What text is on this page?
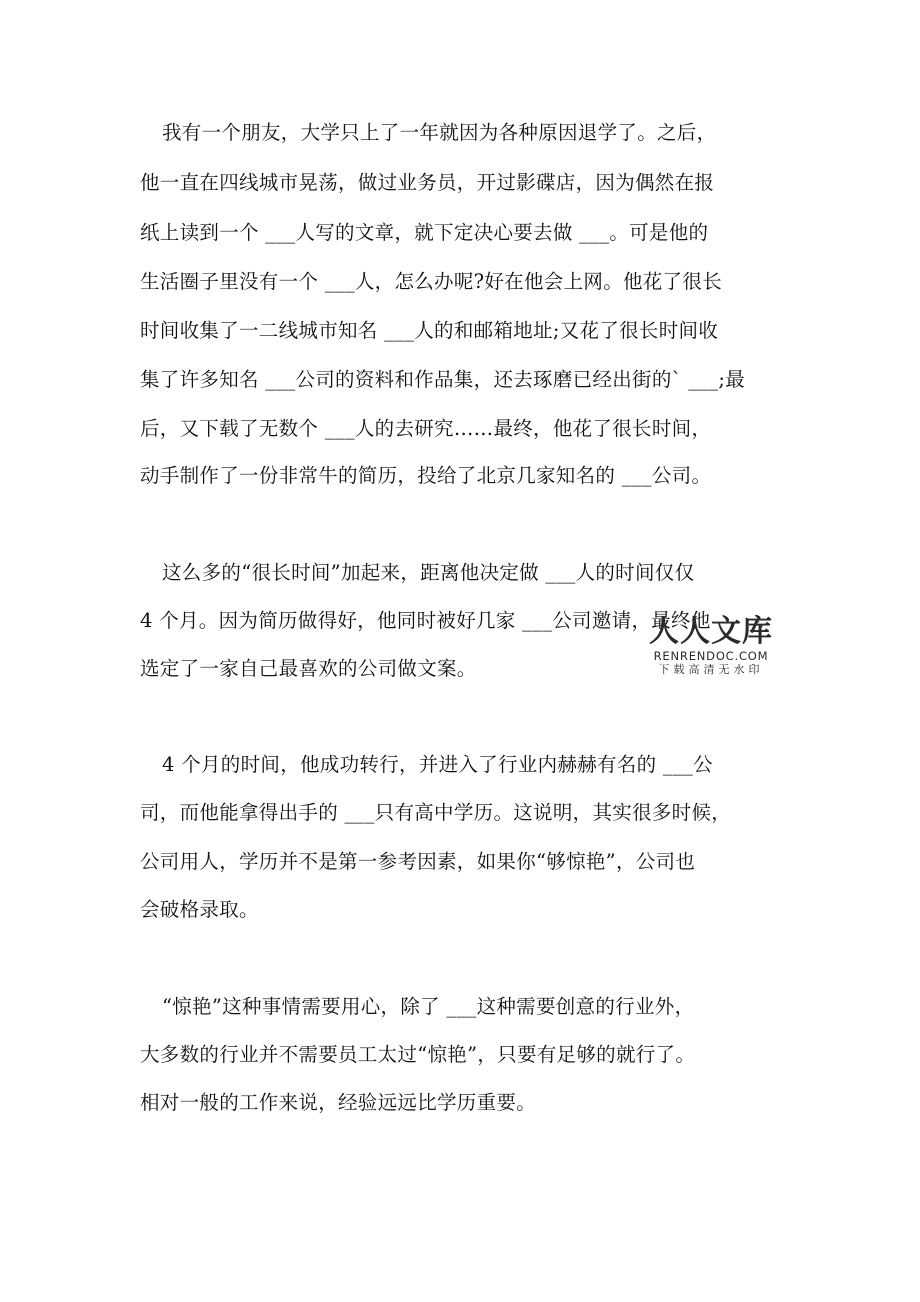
我有一个朋友，大学只上了一年就因为各种原因退学了。之后，
他一直在四线城市晃荡，做过业务员，开过影碟店，因为偶然在报
纸上读到一个 ___人写的文章，就下定决心要去做 ___。可是他的
生活圈子里没有一个 ___人，怎么办呢?好在他会上网。他花了很长
时间收集了一二线城市知名 ___人的和邮箱地址;又花了很长时间收
集了许多知名 ___公司的资料和作品集，还去琢磨已经出街的` ___;最
后，又下载了无数个 ___人的去研究……最终，他花了很长时间，
动手制作了一份非常牛的简历，投给了北京几家知名的 ___公司。
这么多的“很长时间”加起来，距离他决定做 ___人的时间仅仅
4 个月。因为简历做得好，他同时被好几家 ___公司邀请，最终他
选定了一家自己最喜欢的公司做文案。
4 个月的时间，他成功转行，并进入了行业内赫赫有名的 ___公
司，而他能拿得出手的 ___只有高中学历。这说明，其实很多时候，
公司用人，学历并不是第一参考因素，如果你“够惊艳”，公司也
会破格录取。
“惊艳”这种事情需要用心，除了 ___这种需要创意的行业外，
大多数的行业并不需要员工太过“惊艳”，只要有足够的就行了。
相对一般的工作来说，经验远远比学历重要。
人人文库
RENRENDOC.COM
下载高清无水印
